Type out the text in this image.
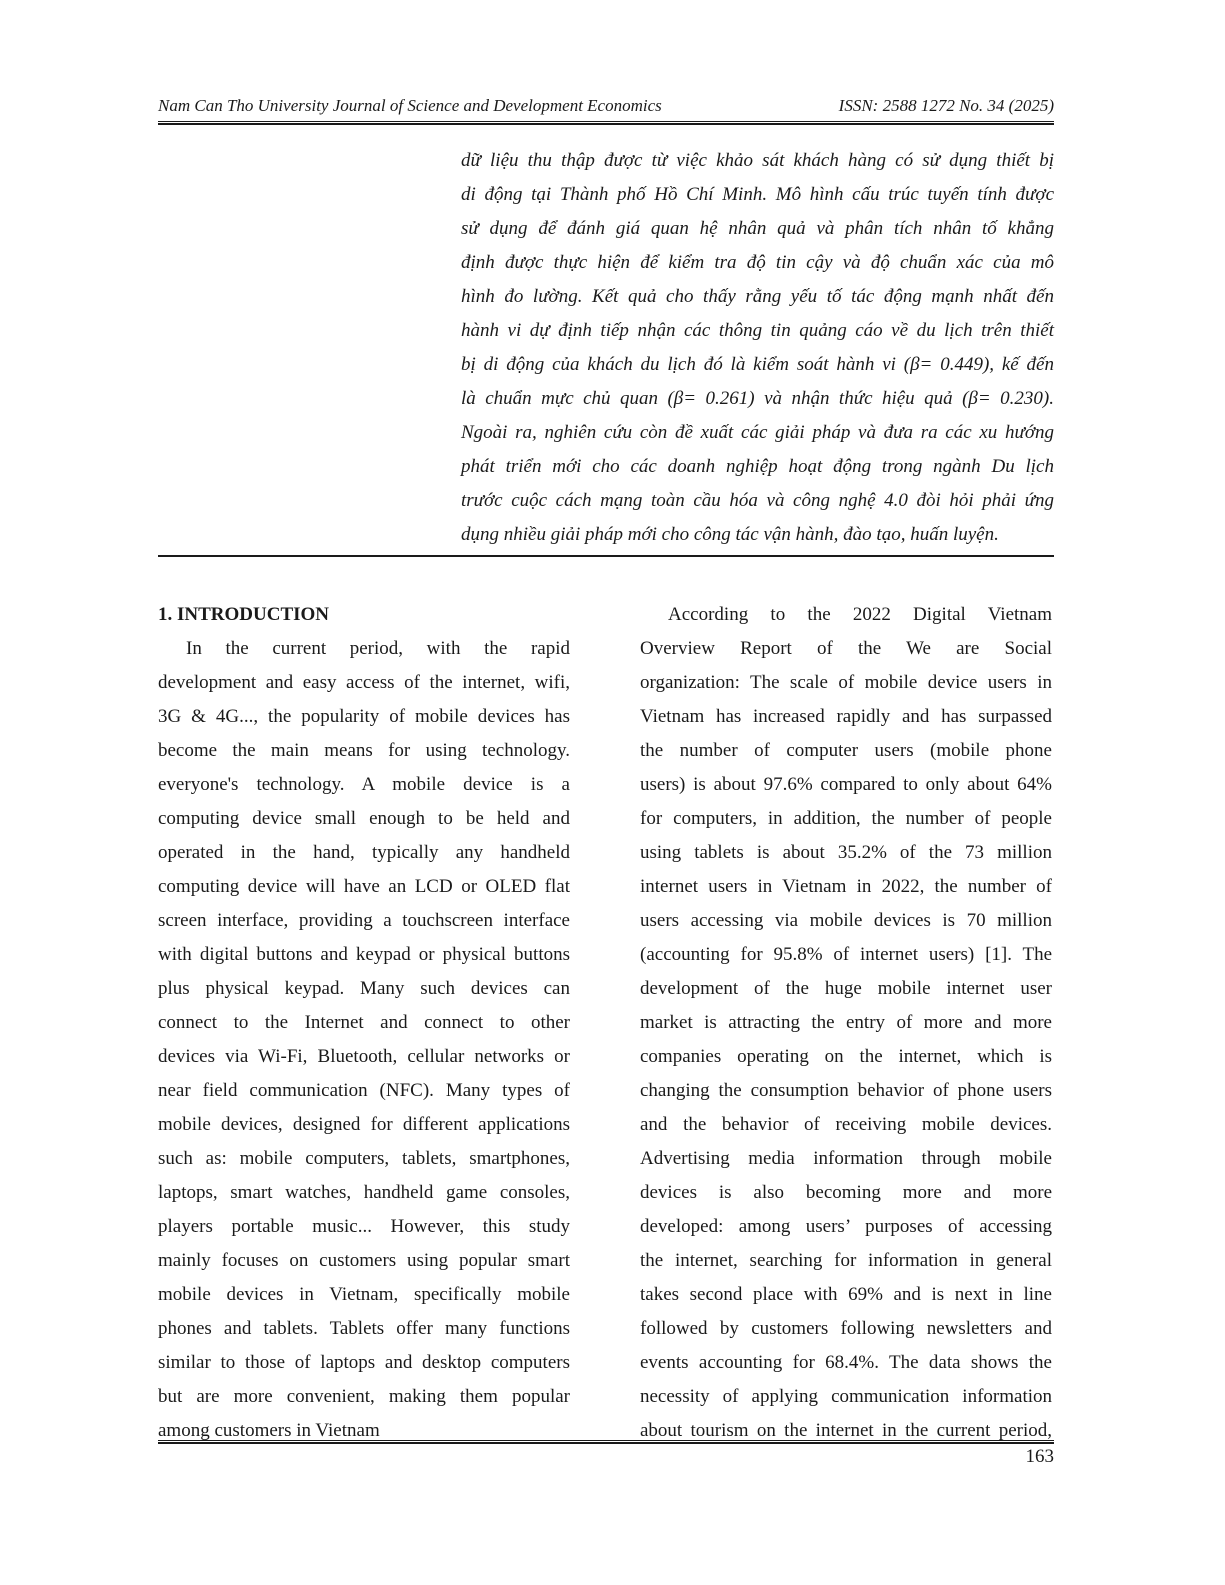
Nam Can Tho University Journal of Science and Development Economics	ISSN: 2588 1272 No. 34 (2025)
dữ liệu thu thập được từ việc khảo sát khách hàng có sử dụng thiết bị
di động tại Thành phố Hồ Chí Minh. Mô hình cấu trúc tuyến tính được
sử dụng để đánh giá quan hệ nhân quả và phân tích nhân tố khẳng
định được thực hiện để kiểm tra độ tin cậy và độ chuẩn xác của mô
hình đo lường. Kết quả cho thấy rằng yếu tố tác động mạnh nhất đến
hành vi dự định tiếp nhận các thông tin quảng cáo về du lịch trên thiết
bị di động của khách du lịch đó là kiểm soát hành vi (β= 0.449), kế đến
là chuẩn mực chủ quan (β= 0.261) và nhận thức hiệu quả (β= 0.230).
Ngoài ra, nghiên cứu còn đề xuất các giải pháp và đưa ra các xu hướng
phát triển mới cho các doanh nghiệp hoạt động trong ngành Du lịch
trước cuộc cách mạng toàn cầu hóa và công nghệ 4.0 đòi hỏi phải ứng
dụng nhiều giải pháp mới cho công tác vận hành, đào tạo, huấn luyện.
1. INTRODUCTION
In the current period, with the rapid
development and easy access of the internet, wifi,
3G & 4G..., the popularity of mobile devices has
become the main means for using technology.
everyone's technology. A mobile device is a
computing device small enough to be held and
operated in the hand, typically any handheld
computing device will have an LCD or OLED flat
screen interface, providing a touchscreen interface
with digital buttons and keypad or physical buttons
plus physical keypad. Many such devices can
connect to the Internet and connect to other
devices via Wi-Fi, Bluetooth, cellular networks or
near field communication (NFC). Many types of
mobile devices, designed for different applications
such as: mobile computers, tablets, smartphones,
laptops, smart watches, handheld game consoles,
players portable music... However, this study
mainly focuses on customers using popular smart
mobile devices in Vietnam, specifically mobile
phones and tablets. Tablets offer many functions
similar to those of laptops and desktop computers
but are more convenient, making them popular
among customers in Vietnam
According to the 2022 Digital Vietnam
Overview Report of the We are Social
organization: The scale of mobile device users in
Vietnam has increased rapidly and has surpassed
the number of computer users (mobile phone
users) is about 97.6% compared to only about 64%
for computers, in addition, the number of people
using tablets is about 35.2% of the 73 million
internet users in Vietnam in 2022, the number of
users accessing via mobile devices is 70 million
(accounting for 95.8% of internet users) [1]. The
development of the huge mobile internet user
market is attracting the entry of more and more
companies operating on the internet, which is
changing the consumption behavior of phone users
and the behavior of receiving mobile devices.
Advertising media information through mobile
devices is also becoming more and more
developed: among users’ purposes of accessing
the internet, searching for information in general
takes second place with 69% and is next in line
followed by customers following newsletters and
events accounting for 68.4%. The data shows the
necessity of applying communication information
about tourism on the internet in the current period,
163
